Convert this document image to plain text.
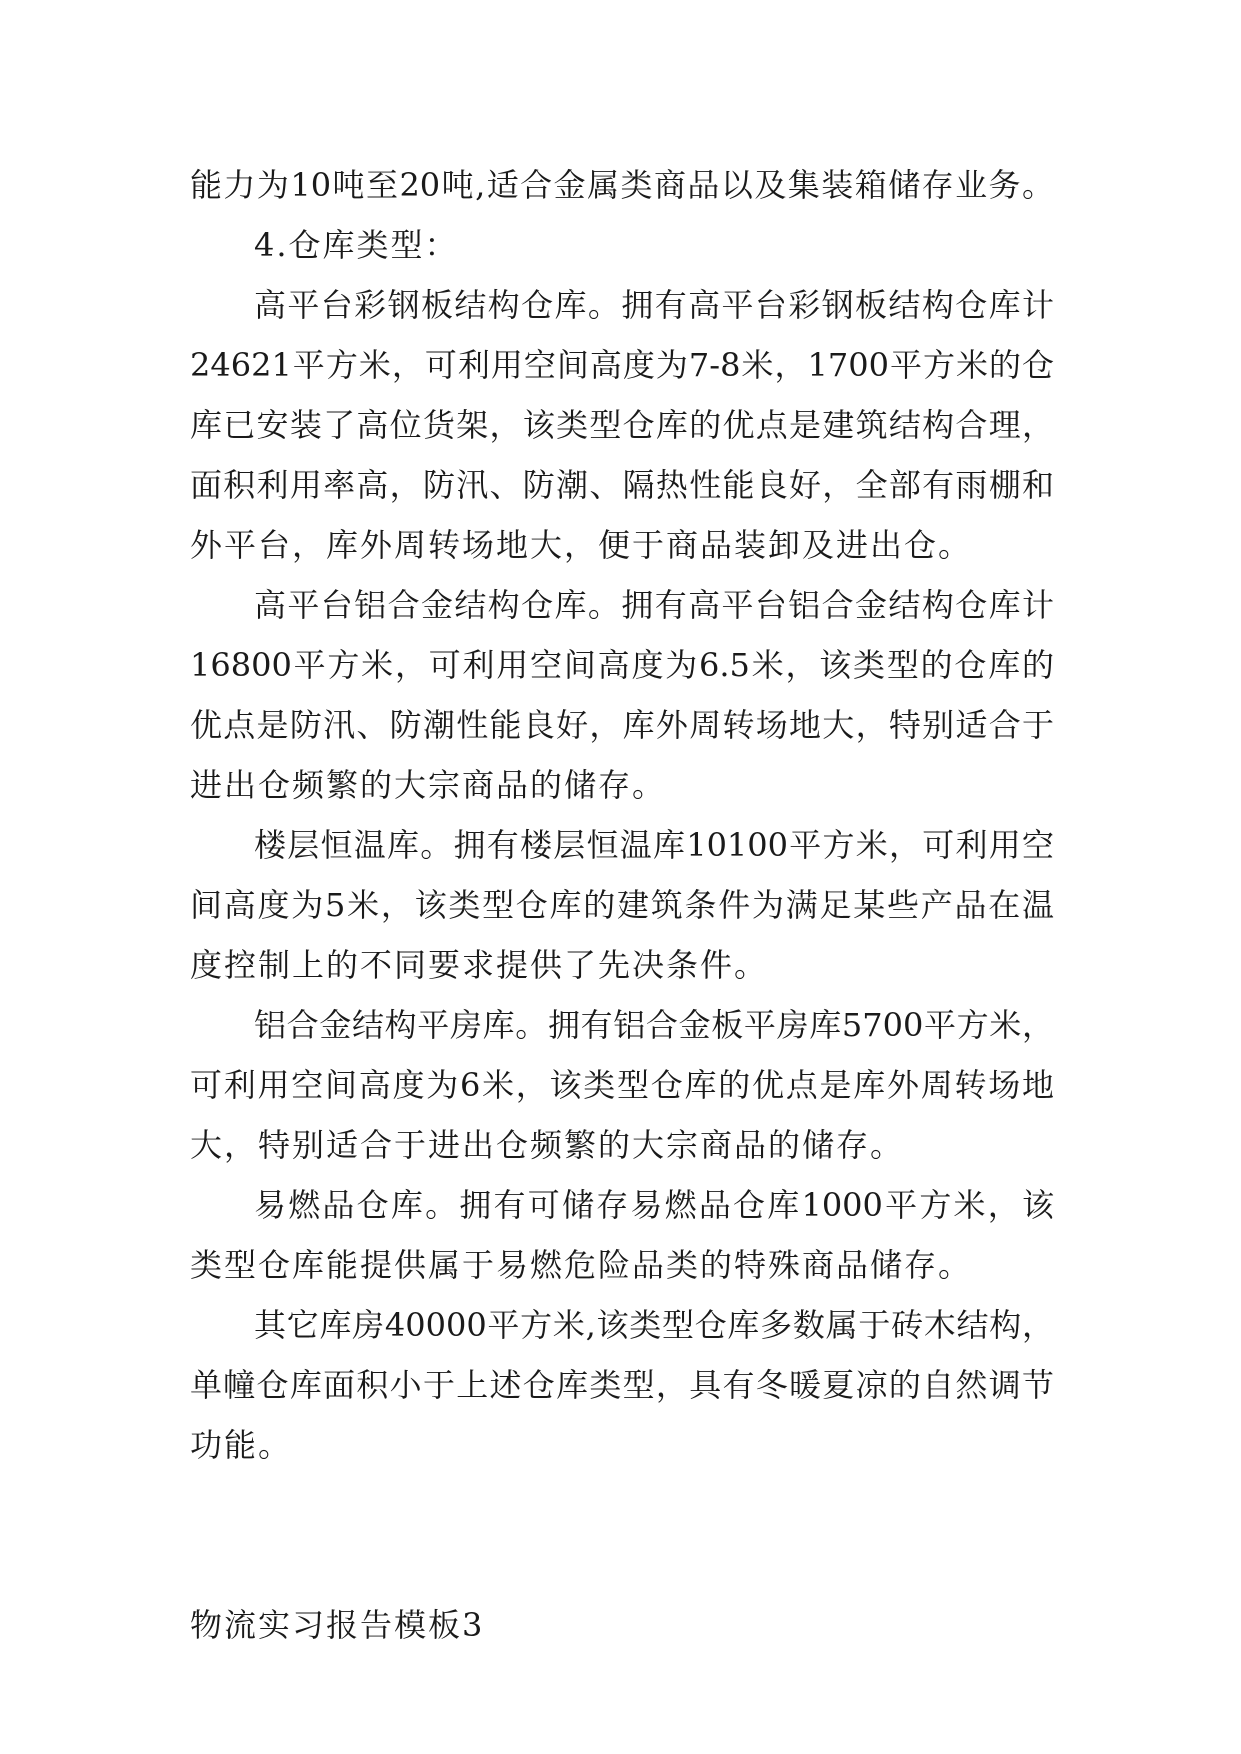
能力为10吨至20吨,适合金属类商品以及集装箱储存业务。
4.仓库类型：
高平台彩钢板结构仓库。拥有高平台彩钢板结构仓库计
24621平方米，可利用空间高度为7-8米，1700平方米的仓
库已安装了高位货架，该类型仓库的优点是建筑结构合理，
面积利用率高，防汛、防潮、隔热性能良好，全部有雨棚和
外平台，库外周转场地大，便于商品装卸及进出仓。
高平台铝合金结构仓库。拥有高平台铝合金结构仓库计
16800平方米，可利用空间高度为6.5米，该类型的仓库的
优点是防汛、防潮性能良好，库外周转场地大，特别适合于
进出仓频繁的大宗商品的储存。
楼层恒温库。拥有楼层恒温库10100平方米，可利用空
间高度为5米，该类型仓库的建筑条件为满足某些产品在温
度控制上的不同要求提供了先决条件。
铝合金结构平房库。拥有铝合金板平房库5700平方米，
可利用空间高度为6米，该类型仓库的优点是库外周转场地
大，特别适合于进出仓频繁的大宗商品的储存。
易燃品仓库。拥有可储存易燃品仓库1000平方米，该
类型仓库能提供属于易燃危险品类的特殊商品储存。
其它库房40000平方米,该类型仓库多数属于砖木结构，
单幢仓库面积小于上述仓库类型，具有冬暖夏凉的自然调节
功能。
物流实习报告模板3
